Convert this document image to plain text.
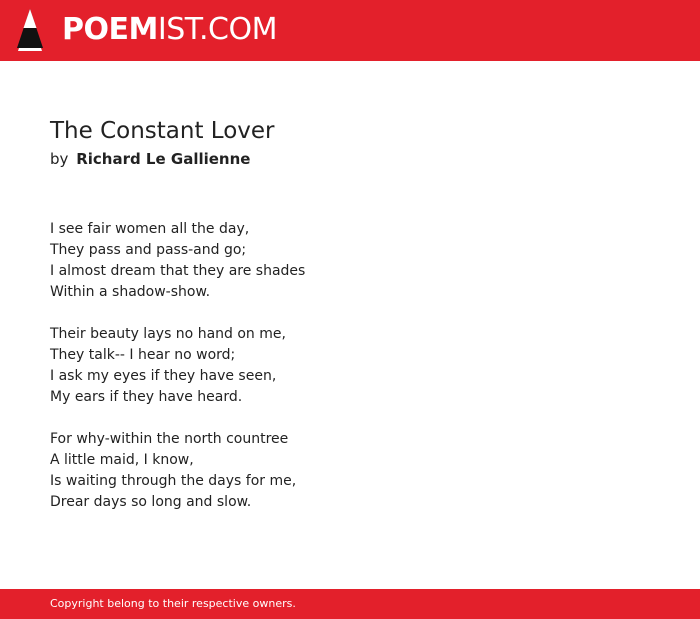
POEMIST.COM
The Constant Lover
by Richard Le Gallienne
I see fair women all the day,
They pass and pass-and go;
I almost dream that they are shades
Within a shadow-show.
Their beauty lays no hand on me,
They talk-- I hear no word;
I ask my eyes if they have seen,
My ears if they have heard.
For why-within the north countree
A little maid, I know,
Is waiting through the days for me,
Drear days so long and slow.
Copyright belong to their respective owners.
